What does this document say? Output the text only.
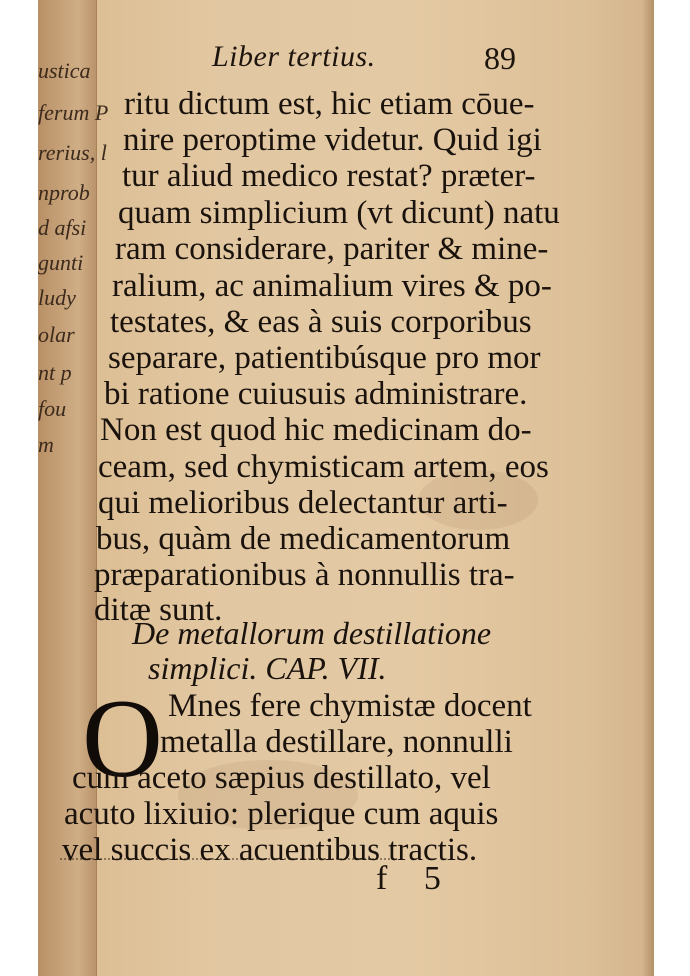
ustica
ferum P
rerius, l
nprob
d afsi
gunti
ludy
olar
nt p
fou
m
Liber tertius.	89
ritu dictum est, hic etiam cōue-
nire peroptime videtur. Quid igi
tur aliud medico restat? præter-
quam simplicium (vt dicunt) natu
ram considerare, pariter & mine-
ralium, ac animalium vires & po-
testates, & eas à suis corporibus
separare, patientibúsque pro mor
bi ratione cuiusuis administrare.
Non est quod hic medicinam do-
ceam, sed chymisticam artem, eos
qui melioribus delectantur arti-
bus, quàm de medicamentorum
præparationibus à nonnullis tra-
ditæ sunt.
De metallorum destillatione
simplici. CAP. VII.
O Mnes fere chymistæ docent
metalla destillare, nonnulli
cum aceto sæpius destillato, vel
acuto lixiuio: plerique cum aquis
vel succis ex acuentibus tractis.
f 5
